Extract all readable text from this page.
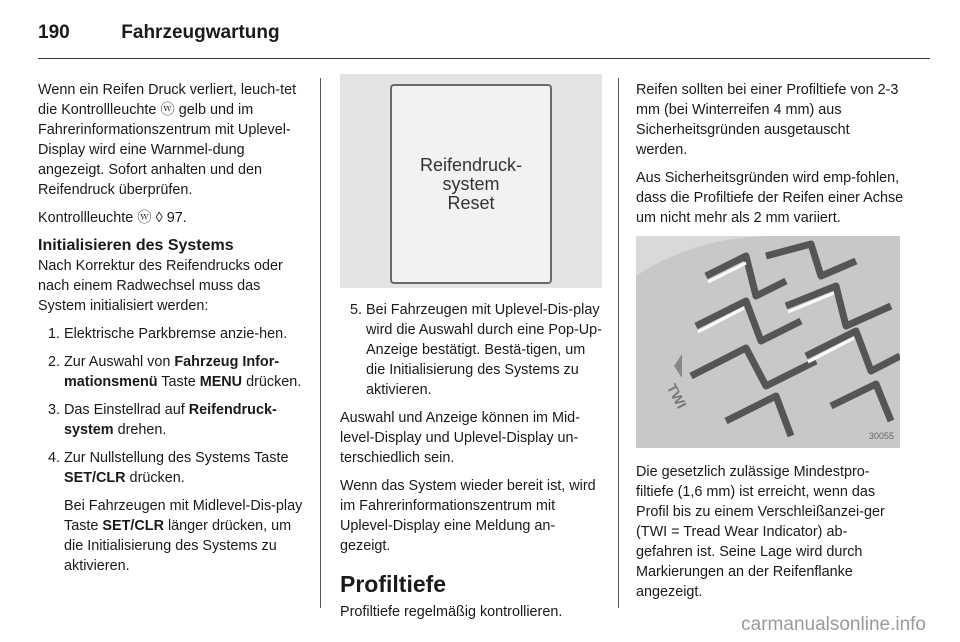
190	Fahrzeugwartung

Wenn ein Reifen Druck verliert, leuch-tet die Kontrollleuchte ⓦ gelb und im Fahrerinformationszentrum mit Uplevel-Display wird eine Warnmel-dung angezeigt. Sofort anhalten und den Reifendruck überprüfen.

Kontrollleuchte ⓦ ◊ 97.

Initialisieren des Systems

Nach Korrektur des Reifendrucks oder nach einem Radwechsel muss das System initialisiert werden:

1. Elektrische Parkbremse anzie-hen.

2. Zur Auswahl von Fahrzeug Infor-mationsmenü Taste MENU drücken.

3. Das Einstellrad auf Reifendruck-system drehen.

4. Zur Nullstellung des Systems Taste SET/CLR drücken.

Bei Fahrzeugen mit Midlevel-Dis-play Taste SET/CLR länger drücken, um die Initialisierung des Systems zu aktivieren.

Reifendruck-
system
Reset
5. Bei Fahrzeugen mit Uplevel-Dis-play wird die Auswahl durch eine Pop-Up-Anzeige bestätigt. Bestä-tigen, um die Initialisierung des Systems zu aktivieren.

Auswahl und Anzeige können im Mid-level-Display und Uplevel-Display un-terschiedlich sein.

Wenn das System wieder bereit ist, wird im Fahrerinformationszentrum mit Uplevel-Display eine Meldung an-gezeigt.

Profiltiefe

Profiltiefe regelmäßig kontrollieren.

Reifen sollten bei einer Profiltiefe von 2-3 mm (bei Winterreifen 4 mm) aus Sicherheitsgründen ausgetauscht werden.

Aus Sicherheitsgründen wird emp-fohlen, dass die Profiltiefe der Reifen einer Achse um nicht mehr als 2 mm variiert.

TWI
30055

Die gesetzlich zulässige Mindestpro-filtiefe (1,6 mm) ist erreicht, wenn das Profil bis zu einem Verschleißanzei-ger (TWI = Tread Wear Indicator) ab-gefahren ist. Seine Lage wird durch Markierungen an der Reifenflanke angezeigt.

carmanualsonline.info
